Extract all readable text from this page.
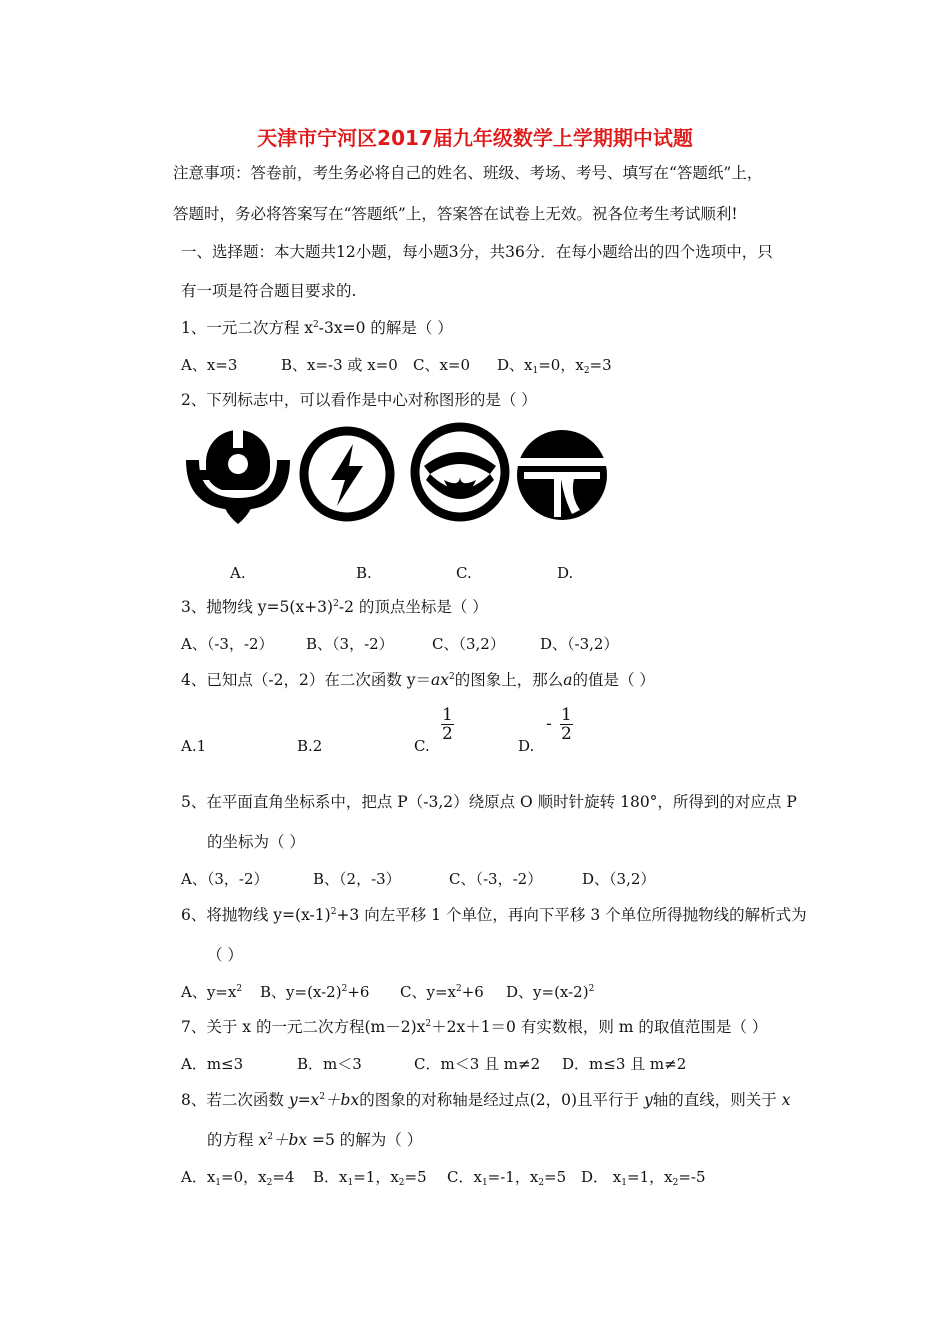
天津市宁河区2017届九年级数学上学期期中试题
注意事项：答卷前，考生务必将自己的姓名、班级、考场、考号、填写在“答题纸”上，
答题时，务必将答案写在“答题纸”上，答案答在试卷上无效。祝各位考生考试顺利!
一、选择题：本大题共12小题，每小题3分，共36分．在每小题给出的四个选项中，只
有一项是符合题目要求的.
1、一元二次方程 $x^2-3x=0$ 的解是（ ）
A、x=3	B、x=-3 或 x=0 C、x=0 D、$x_1=0$，$x_2=3$
2、下列标志中，可以看作是中心对称图形的是（ ）
A.	B.	C.	D.
3、抛物线 $y=5(x+3)^2-2$ 的顶点坐标是（ ）
A、（-3，-2） B、（3，-2）	C、（3,2） D、（-3,2）
4、已知点（-2，2）在二次函数 $y=ax^2$的图象上，那么a的值是（ ）
A.1	B.2	C.
$\frac{1}{2}$
D.
- $\frac{1}{2}$
5、在平面直角坐标系中，把点 P（-3,2）绕原点 O 顺时针旋转 180°，所得到的对应点 P
的坐标为（ ）
A、（3，-2）	B、（2，-3）	C、（-3，-2）	D、（3,2）
6、将抛物线 $y=(x-1)^2+3$ 向左平移 1 个单位，再向下平移 3 个单位所得抛物线的解析式为
（ ）
A、$y=x^2$ B、$y=(x-2)^2+6$ C、$y=x^2+6$ D、$y=(x-2)^2$
7、关于 x 的一元二次方程$(m-2)x^2+2x+1=0$ 有实数根，则 m 的取值范围是（ ）
A．m≤3	B．m＜3	C．m＜3 且 m≠2 D．m≤3 且 m≠2
8、若二次函数 $y=x^2+bx$的图象的对称轴是经过点(2，0)且平行于 y轴的直线，则关于 x
的方程 $x^2+bx =5$ 的解为（ ）
A．$x_1=0$，$x_2=4$ B．$x_1=1$，$x_2=5$ C．$x_1=-1$，$x_2=5$ D． $x_1=1$，$x_2=-5$
